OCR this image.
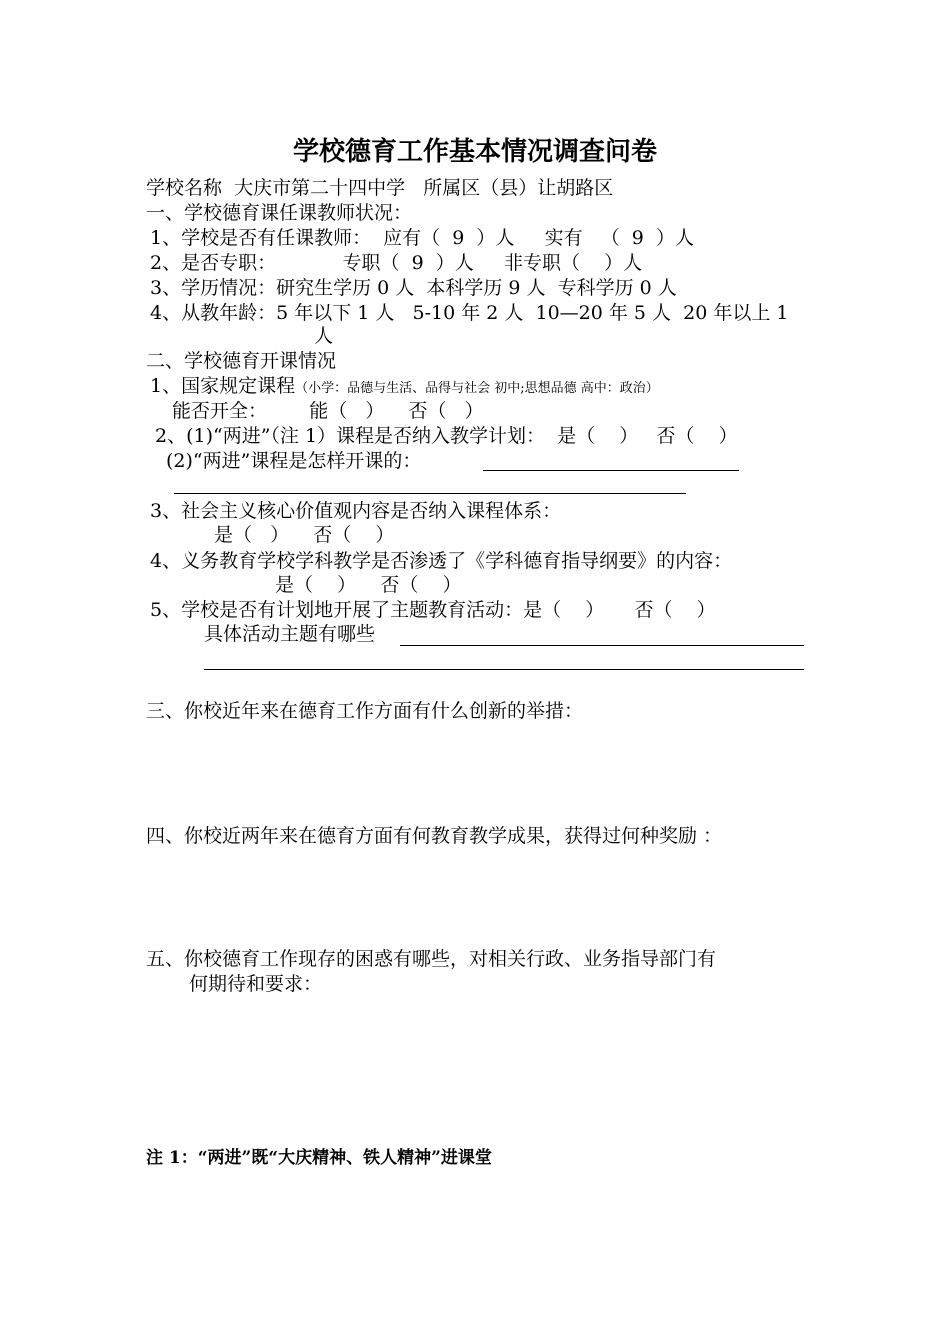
学校德育工作基本情况调查问卷
学校名称  大庆市第二十四中学   所属区（县）让胡路区
一、学校德育课任课教师状况：
1、学校是否有任课教师：  应有（  9  ）人     实有   （  9  ）人
2、是否专职：           专职（  9  ）人     非专职（    ）人
3、学历情况：研究生学历 0 人  本科学历 9 人  专科学历 0 人
4、从教年龄：5 年以下 1 人   5-10 年 2 人  10—20 年 5 人  20 年以上 1
人
二、学校德育开课情况
1、国家规定课程（小学：品德与生活、品得与社会 初中;思想品德 高中：政治）
能否开全：       能（   ）    否（   ）
2、(1)“两进”（注 1）课程是否纳入教学计划：  是（    ）   否（    ）
(2)“两进”课程是怎样开课的：
3、社会主义核心价值观内容是否纳入课程体系：
是（   ）    否（    ）
4、义务教育学校学科教学是否渗透了《学科德育指导纲要》的内容：
是（    ）    否（    ）
5、学校是否有计划地开展了主题教育活动：是（    ）     否（    ）
具体活动主题有哪些
三、你校近年来在德育工作方面有什么创新的举措：
四、你校近两年来在德育方面有何教育教学成果，获得过何种奖励 ：
五、你校德育工作现存的困惑有哪些，对相关行政、业务指导部门有
何期待和要求：
注 1：“两进”既“大庆精神、铁人精神”进课堂
